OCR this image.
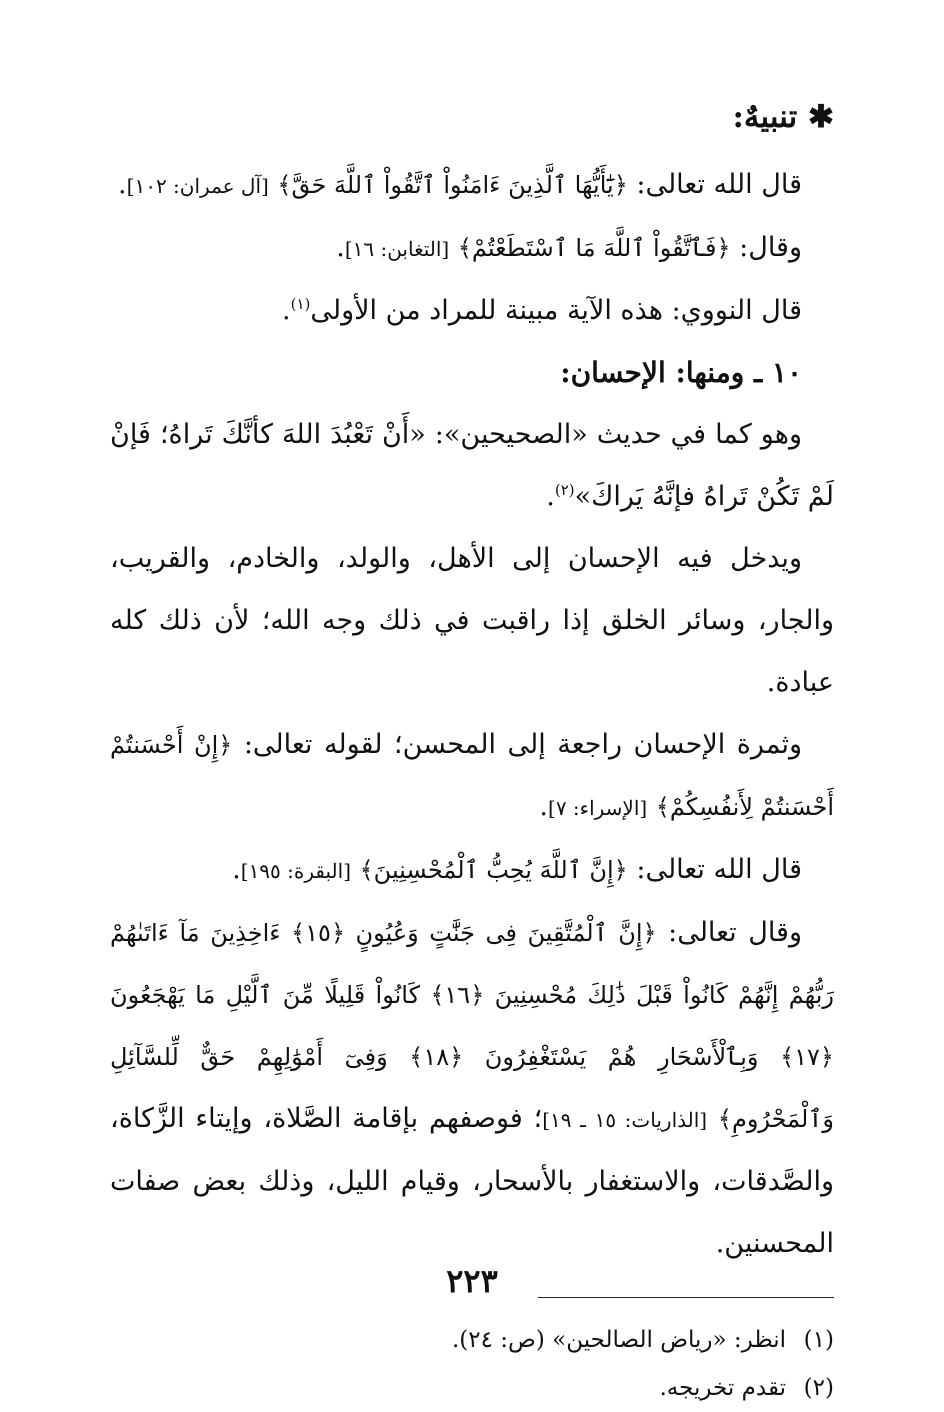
✱ تنبيهٌ:

قال الله تعالى: ﴿يَٰٓأَيُّهَا ٱلَّذِينَ ءَامَنُواْ ٱتَّقُواْ ٱللَّهَ حَقَّ﴾ [آل عمران: ١٠٢].

وقال: ﴿فَٱتَّقُواْ ٱللَّهَ مَا ٱسْتَطَعْتُمْ﴾ [التغابن: ١٦].

قال النووي: هذه الآية مبينة للمراد من الأولى$^{(١)}$.

١٠ ـ ومنها: الإحسان:

وهو كما في حديث «الصحيحين»: «أَنْ تَعْبُدَ اللهَ كأنَّكَ تَراهُ؛ فَإنْ لَمْ تَكُنْ تَراهُ فإنَّهُ يَراكَ»$^{(٢)}$.

ويدخل فيه الإحسان إلى الأهل، والولد، والخادم، والقريب، والجار، وسائر الخلق إذا راقبت في ذلك وجه الله؛ لأن ذلك كله عبادة.

وثمرة الإحسان راجعة إلى المحسن؛ لقوله تعالى: ﴿إِنْ أَحْسَنتُمْ أَحْسَنتُمْ لِأَنفُسِكُمْ﴾ [الإسراء: ٧].

قال الله تعالى: ﴿إِنَّ ٱللَّهَ يُحِبُّ ٱلْمُحْسِنِينَ﴾ [البقرة: ١٩٥].

وقال تعالى: ﴿إِنَّ ٱلْمُتَّقِينَ فِى جَنَّٰتٍ وَعُيُونٍ ﴿١٥﴾ ءَاخِذِينَ مَآ ءَاتَىٰهُمْ رَبُّهُمْ إِنَّهُمْ كَانُواْ قَبْلَ ذَٰلِكَ مُحْسِنِينَ ﴿١٦﴾ كَانُواْ قَلِيلًا مِّنَ ٱلَّيْلِ مَا يَهْجَعُونَ ﴿١٧﴾ وَبِٱلْأَسْحَارِ هُمْ يَسْتَغْفِرُونَ ﴿١٨﴾ وَفِىٓ أَمْوَٰلِهِمْ حَقٌّ لِّلسَّآئِلِ وَٱلْمَحْرُومِ﴾ [الذاريات: ١٥ ـ ١٩]؛ فوصفهم بإقامة الصَّلاة، وإيتاء الزَّكاة، والصَّدقات، والاستغفار بالأسحار، وقيام الليل، وذلك بعض صفات المحسنين.

(١)انظر: «رياض الصالحين» (ص: ٢٤).

(٢)تقدم تخريجه.

٢٢٣
